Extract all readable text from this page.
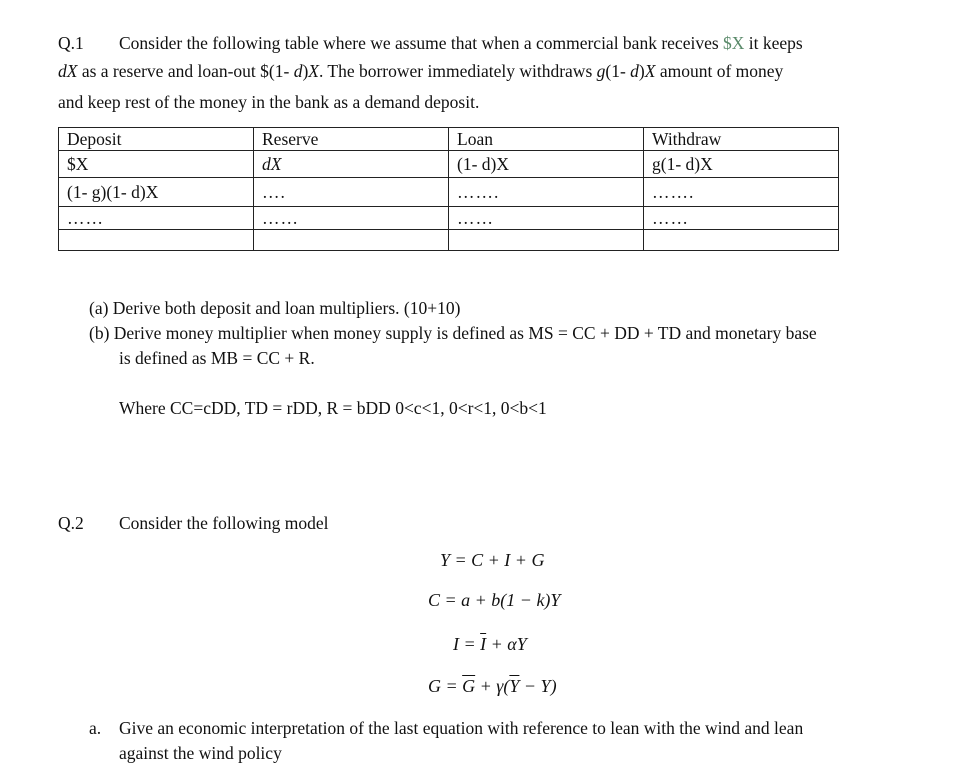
Q.1 Consider the following table where we assume that when a commercial bank receives $X it keeps
dX as a reserve and loan-out $(1- d)X. The borrower immediately withdraws g(1- d)X amount of money
and keep rest of the money in the bank as a demand deposit.
Deposit	Reserve	Loan	Withdraw
$X	dX	(1- d)X	g(1- d)X
(1- g)(1- d)X	….	…….	…….
……	……	……	……

(a) Derive both deposit and loan multipliers. (10+10)
(b) Derive money multiplier when money supply is defined as MS = CC + DD + TD and monetary base
is defined as MB = CC + R.
Where CC=cDD, TD = rDD, R = bDD 0<c<1, 0<r<1, 0<b<1
Q.2 Consider the following model
Y = C + I + G
C = a + b(1 − k)Y
$I = \overline{I} + \alpha Y$
$G = \overline{G} + \gamma(\overline{Y} - Y)$
a. Give an economic interpretation of the last equation with reference to lean with the wind and lean
against the wind policy
